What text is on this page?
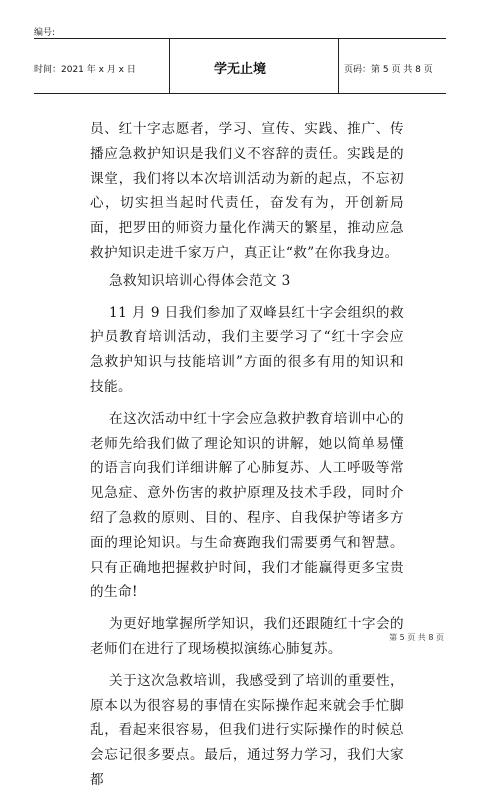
编号:
时间：2021 年 x 月 x 日	学无止境	页码：第 5 页 共 8 页

员、红十字志愿者，学习、宣传、实践、推广、传播应急救护知识是我们义不容辞的责任。实践是的课堂，我们将以本次培训活动为新的起点，不忘初心，切实担当起时代责任，奋发有为，开创新局面，把罗田的师资力量化作满天的繁星，推动应急救护知识走进千家万户，真正让“救”在你我身边。

急救知识培训心得体会范文 3

11 月 9 日我们参加了双峰县红十字会组织的救护员教育培训活动，我们主要学习了“红十字会应急救护知识与技能培训”方面的很多有用的知识和技能。

在这次活动中红十字会应急救护教育培训中心的老师先给我们做了理论知识的讲解，她以简单易懂的语言向我们详细讲解了心肺复苏、人工呼吸等常见急症、意外伤害的救护原理及技术手段，同时介绍了急救的原则、目的、程序、自我保护等诸多方面的理论知识。与生命赛跑我们需要勇气和智慧。只有正确地把握救护时间，我们才能赢得更多宝贵的生命!

为更好地掌握所学知识，我们还跟随红十字会的老师们在进行了现场模拟演练心肺复苏。

关于这次急救培训，我感受到了培训的重要性，原本以为很容易的事情在实际操作起来就会手忙脚乱，看起来很容易，但我们进行实际操作的时候总会忘记很多要点。最后，通过努力学习，我们大家都

第 5 页 共 8 页
